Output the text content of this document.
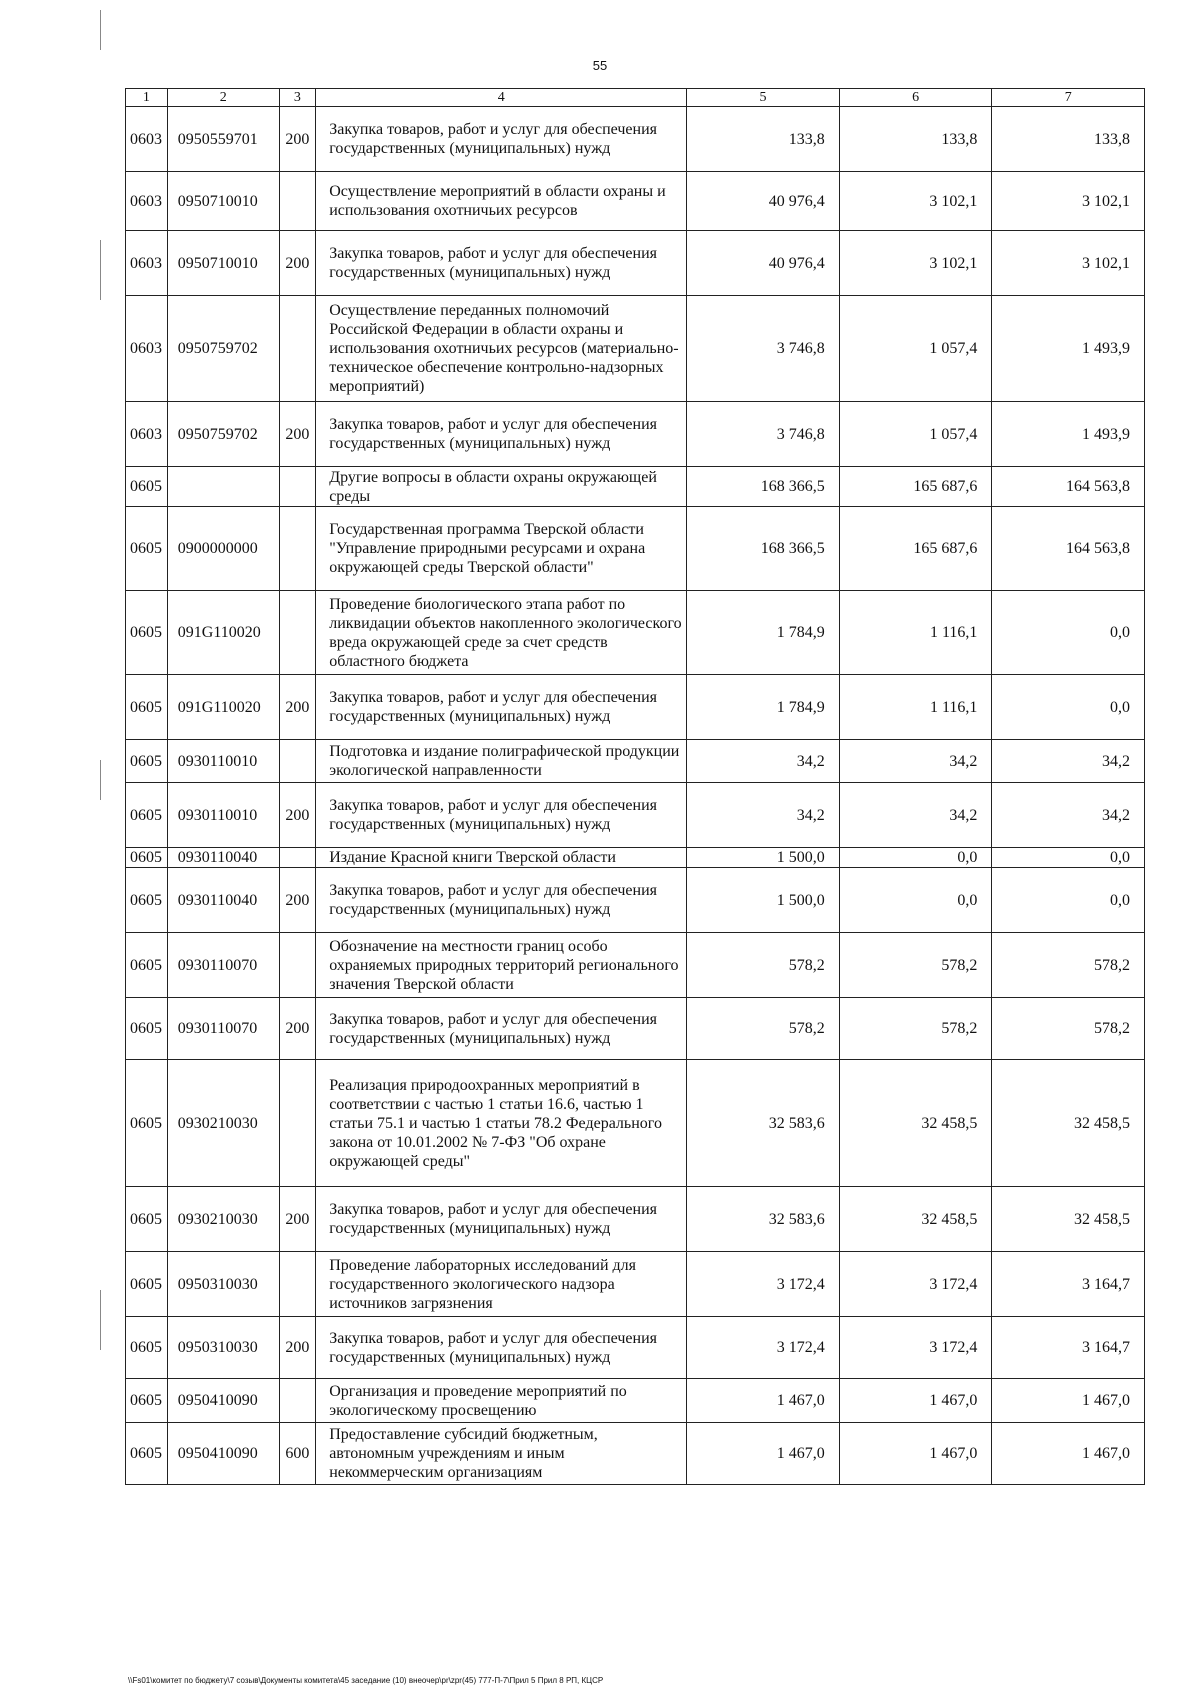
55
1	2	3	4	5	6	7
0603	0950559701	200	Закупка товаров, работ и услуг для обеспечения государственных (муниципальных) нужд	133,8	133,8	133,8
0603	0950710010		Осуществление мероприятий в области охраны и использования охотничьих ресурсов	40 976,4	3 102,1	3 102,1
0603	0950710010	200	Закупка товаров, работ и услуг для обеспечения государственных (муниципальных) нужд	40 976,4	3 102,1	3 102,1
0603	0950759702		Осуществление переданных полномочий Российской Федерации в области охраны и использования охотничьих ресурсов (материально-техническое обеспечение контрольно-надзорных мероприятий)	3 746,8	1 057,4	1 493,9
0603	0950759702	200	Закупка товаров, работ и услуг для обеспечения государственных (муниципальных) нужд	3 746,8	1 057,4	1 493,9
0605			Другие вопросы в области охраны окружающей среды	168 366,5	165 687,6	164 563,8
0605	0900000000		Государственная программа Тверской области "Управление природными ресурсами и охрана окружающей среды Тверской области"	168 366,5	165 687,6	164 563,8
0605	091G110020		Проведение биологического этапа работ по ликвидации объектов накопленного экологического вреда окружающей среде за счет средств областного бюджета	1 784,9	1 116,1	0,0
0605	091G110020	200	Закупка товаров, работ и услуг для обеспечения государственных (муниципальных) нужд	1 784,9	1 116,1	0,0
0605	0930110010		Подготовка и издание полиграфической продукции экологической направленности	34,2	34,2	34,2
0605	0930110010	200	Закупка товаров, работ и услуг для обеспечения государственных (муниципальных) нужд	34,2	34,2	34,2
0605	0930110040		Издание Красной книги Тверской области	1 500,0	0,0	0,0
0605	0930110040	200	Закупка товаров, работ и услуг для обеспечения государственных (муниципальных) нужд	1 500,0	0,0	0,0
0605	0930110070		Обозначение на местности границ особо охраняемых природных территорий регионального значения Тверской области	578,2	578,2	578,2
0605	0930110070	200	Закупка товаров, работ и услуг для обеспечения государственных (муниципальных) нужд	578,2	578,2	578,2
0605	0930210030		Реализация природоохранных мероприятий в соответствии с частью 1 статьи 16.6, частью 1 статьи 75.1 и частью 1 статьи 78.2 Федерального закона от 10.01.2002 № 7-ФЗ "Об охране окружающей среды"	32 583,6	32 458,5	32 458,5
0605	0930210030	200	Закупка товаров, работ и услуг для обеспечения государственных (муниципальных) нужд	32 583,6	32 458,5	32 458,5
0605	0950310030		Проведение лабораторных исследований для государственного экологического надзора источников загрязнения	3 172,4	3 172,4	3 164,7
0605	0950310030	200	Закупка товаров, работ и услуг для обеспечения государственных (муниципальных) нужд	3 172,4	3 172,4	3 164,7
0605	0950410090		Организация и проведение мероприятий по экологическому просвещению	1 467,0	1 467,0	1 467,0
0605	0950410090	600	Предоставление субсидий бюджетным, автономным учреждениям и иным некоммерческим организациям	1 467,0	1 467,0	1 467,0
\\Fs01\комитет по бюджету\7 созыв\Документы комитета\45 заседание (10) внеочер\pr\zpr(45) 777-П-7\Прил 5 Прил 8 РП, КЦСР
